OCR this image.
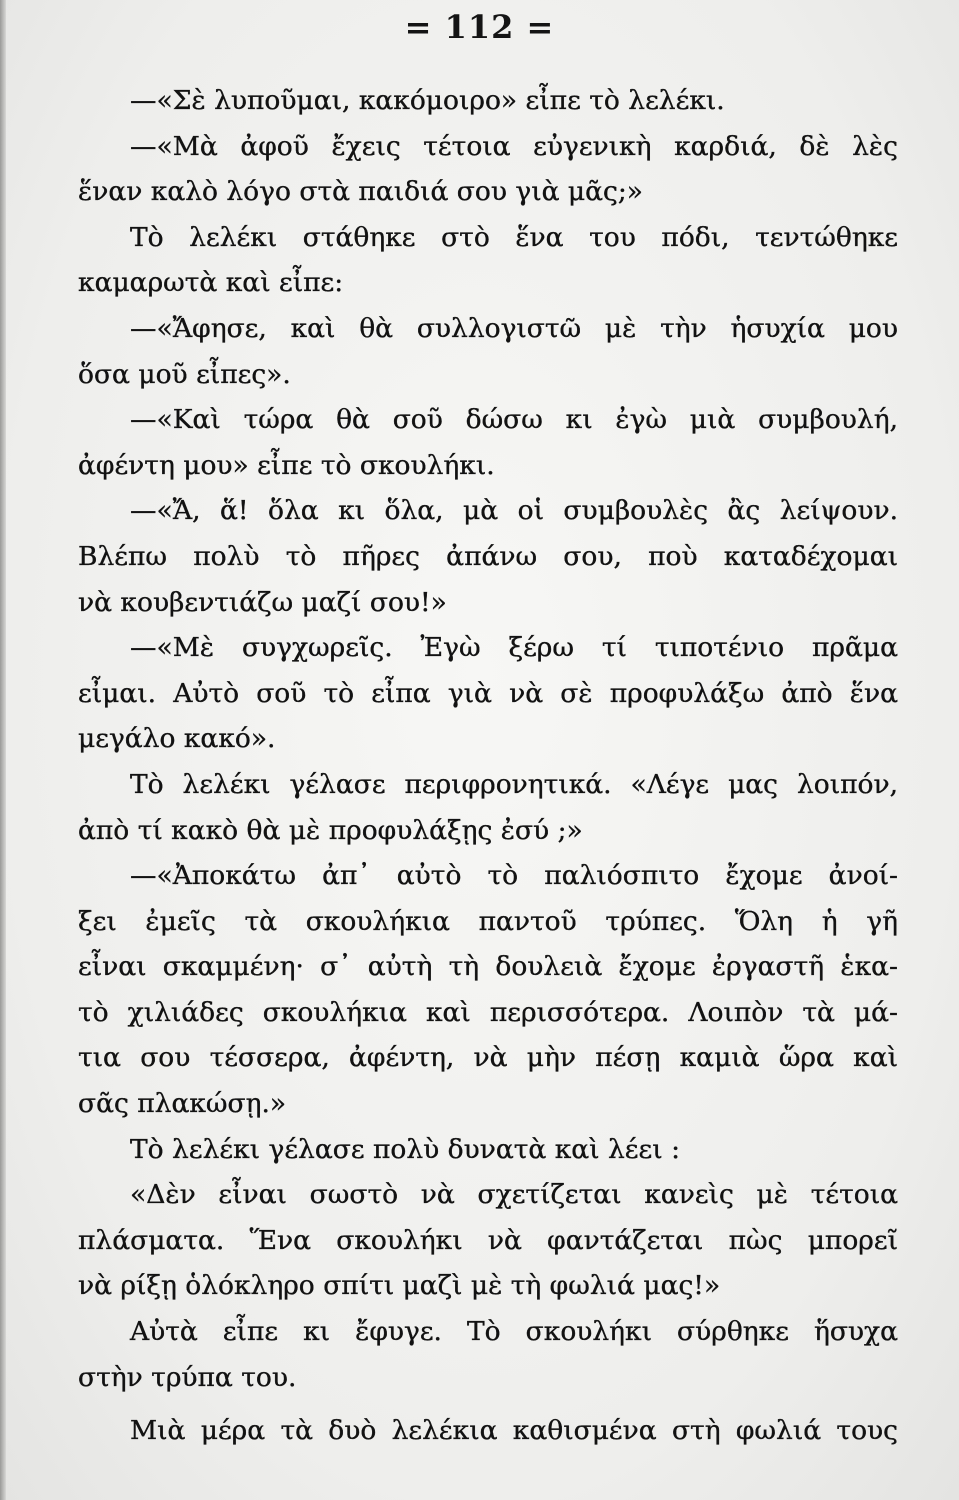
= 112 =
—«Σὲ λυποῦμαι, κακόμοιρο» εἶπε τὸ λελέκι.
—«Μὰ ἀφοῦ ἔχεις τέτοια εὐγενικὴ καρδιά, δὲ λὲς
ἕναν καλὸ λόγο στὰ παιδιά σου γιὰ μᾶς;»
Τὸ λελέκι στάθηκε στὸ ἕνα του πόδι, τεντώθηκε
καμαρωτὰ καὶ εἶπε:
—«Ἄφησε, καὶ θὰ συλλογιστῶ μὲ τὴν ἡσυχία μου
ὅσα μοῦ εἶπες».
—«Καὶ τώρα θὰ σοῦ δώσω κι ἐγὼ μιὰ συμβουλή,
ἀφέντη μου» εἶπε τὸ σκουλήκι.
—«Ἄ, ἅ! ὅλα κι ὅλα, μὰ οἱ συμβουλὲς ἂς λείψουν.
Βλέπω πολὺ τὸ πῆρες ἀπάνω σου, ποὺ καταδέχομαι
νὰ κουβεντιάζω μαζί σου!»
—«Μὲ συγχωρεῖς. Ἐγὼ ξέρω τί τιποτένιο πρᾶμα
εἶμαι. Αὐτὸ σοῦ τὸ εἶπα γιὰ νὰ σὲ προφυλάξω ἀπὸ ἕνα
μεγάλο κακό».
Τὸ λελέκι γέλασε περιφρονητικά. «Λέγε μας λοιπόν,
ἀπὸ τί κακὸ θὰ μὲ προφυλάξῃς ἐσύ ;»
—«Ἀποκάτω ἀπ᾽ αὐτὸ τὸ παλιόσπιτο ἔχομε ἀνοί-
ξει ἐμεῖς τὰ σκουλήκια παντοῦ τρύπες. Ὅλη ἡ γῆ
εἶναι σκαμμένη· σ᾽ αὐτὴ τὴ δουλειὰ ἔχομε ἐργαστῆ ἑκα-
τὸ χιλιάδες σκουλήκια καὶ περισσότερα. Λοιπὸν τὰ μά-
τια σου τέσσερα, ἀφέντη, νὰ μὴν πέσῃ καμιὰ ὥρα καὶ
σᾶς πλακώσῃ.»
Τὸ λελέκι γέλασε πολὺ δυνατὰ καὶ λέει :
«Δὲν εἶναι σωστὸ νὰ σχετίζεται κανεὶς μὲ τέτοια
πλάσματα. Ἕνα σκουλήκι νὰ φαντάζεται πὼς μπορεῖ
νὰ ρίξῃ ὁλόκληρο σπίτι μαζὶ μὲ τὴ φωλιά μας!»
Αὐτὰ εἶπε κι ἔφυγε. Τὸ σκουλήκι σύρθηκε ἥσυχα
στὴν τρύπα του.
Μιὰ μέρα τὰ δυὸ λελέκια καθισμένα στὴ φωλιά τους
